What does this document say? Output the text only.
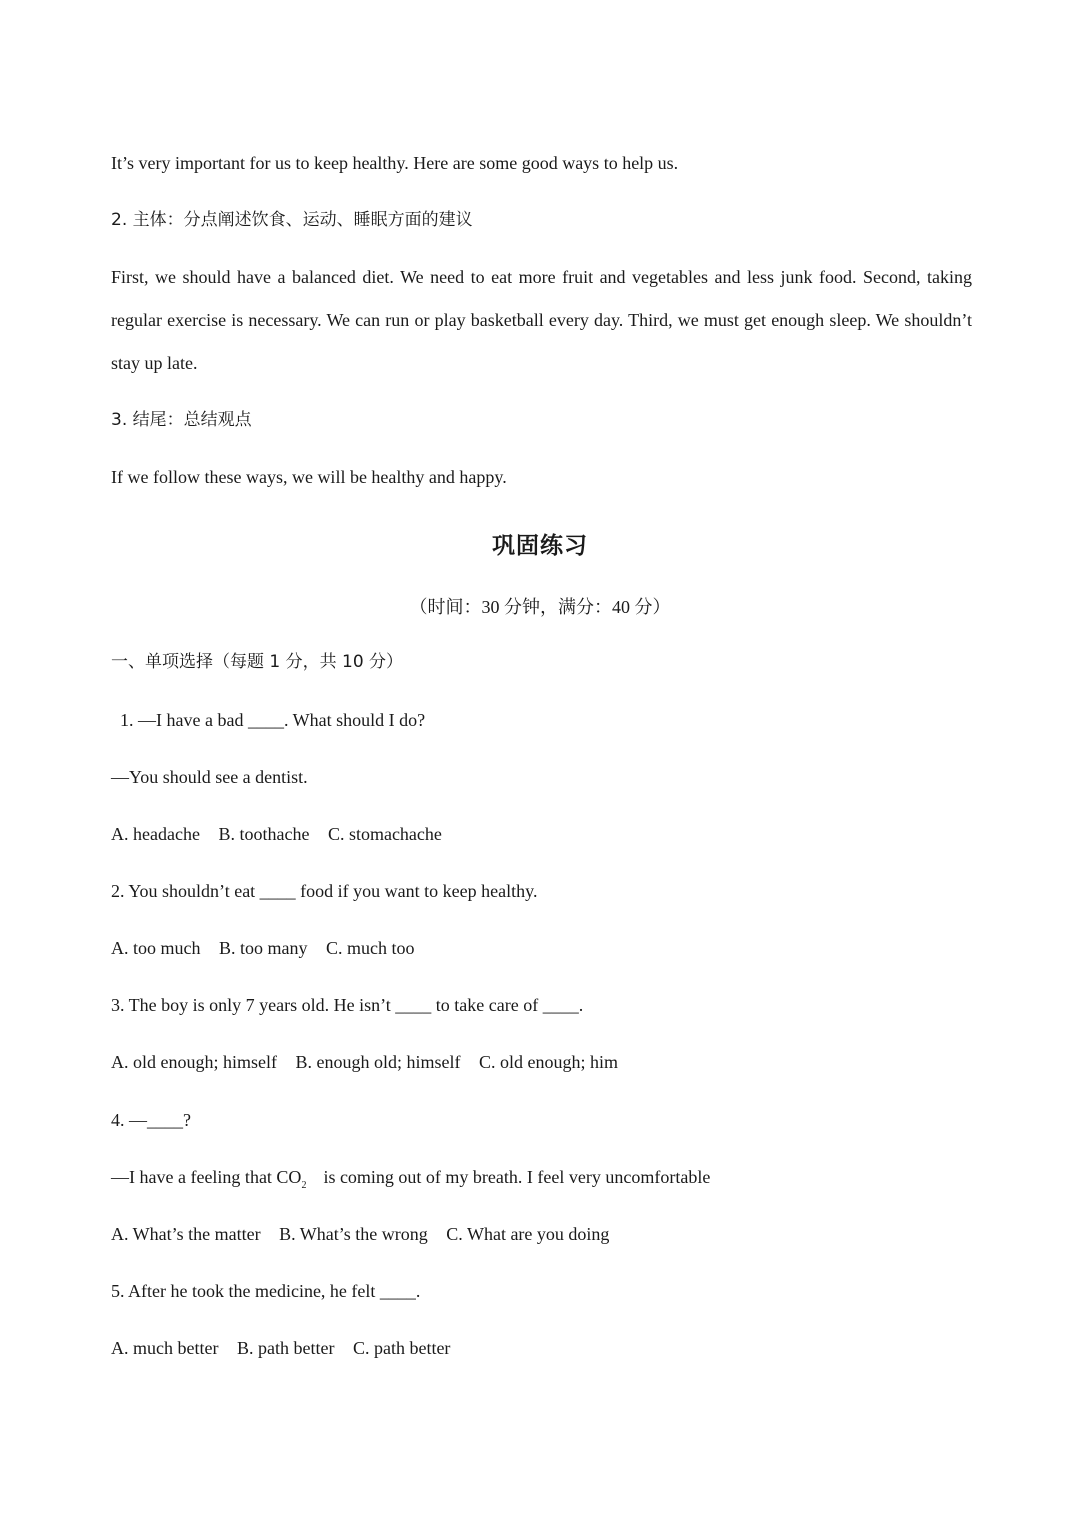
It’s very important for us to keep healthy. Here are some good ways to help us.
2. 主体：分点阐述饮食、运动、睡眠方面的建议
First, we should have a balanced diet. We need to eat more fruit and vegetables and less junk food. Second, taking regular exercise is necessary. We can run or play basketball every day. Third, we must get enough sleep. We shouldn’t stay up late.
3. 结尾：总结观点
If we follow these ways, we will be healthy and happy.
巩固练习
（时间：30 分钟，满分：40 分）
一、单项选择（每题 1 分，共 10 分）
1. —I have a bad ____. What should I do?
—You should see a dentist.
A. headache B. toothache C. stomachache
2. You shouldn’t eat ____ food if you want to keep healthy.
A. too much B. too many C. much too
3. The boy is only 7 years old. He isn’t ____ to take care of ____.
A. old enough; himself B. enough old; himself C. old enough; him
4. —____?
—I have a feeling that $CO_2$ is coming out of my breath. I feel very uncomfortable
A. What’s the matter B. What’s the wrong C. What are you doing
5. After he took the medicine, he felt ____.
A. much better B. path better C. path better
